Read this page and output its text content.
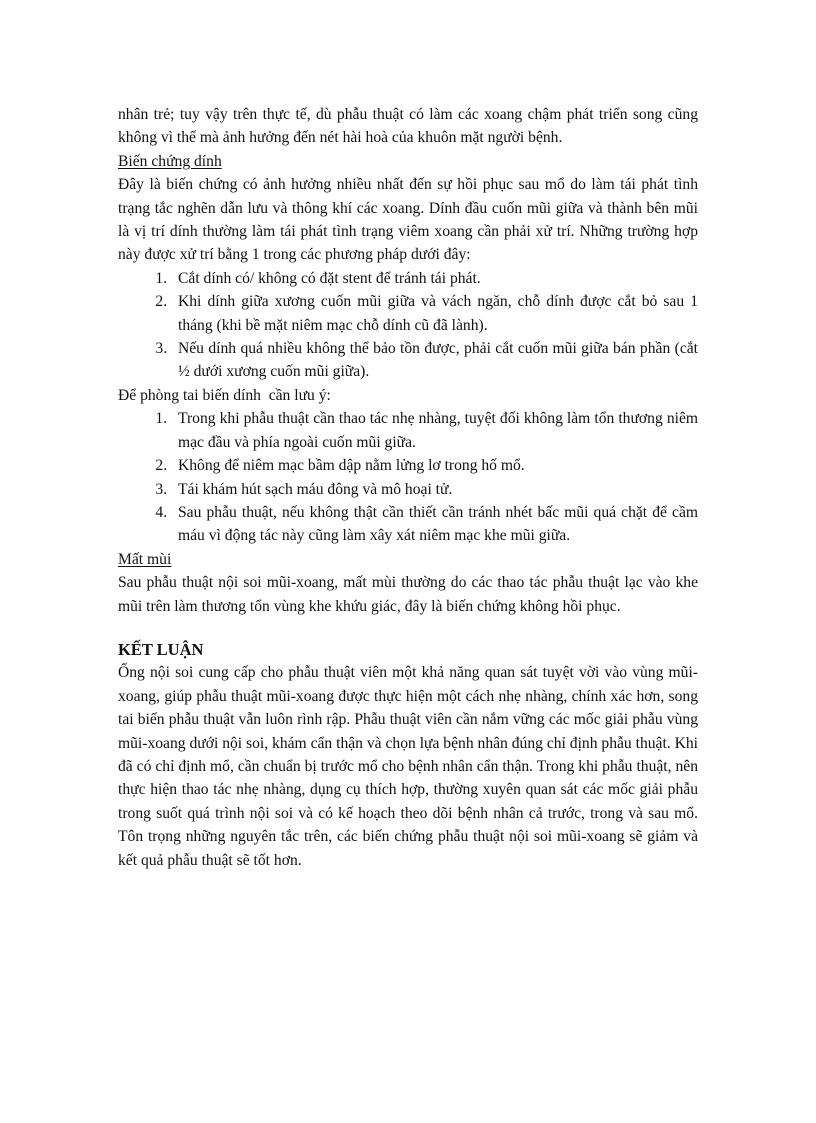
nhân trẻ; tuy vậy trên thực tế, dù phẫu thuật có làm các xoang chậm phát triển song cũng không vì thế mà ảnh hưởng đến nét hài hoà của khuôn mặt người bệnh.

Biến chứng dính

Đây là biến chứng có ảnh hưởng nhiều nhất đến sự hồi phục sau mổ do làm tái phát tình trạng tắc nghẽn dẫn lưu và thông khí các xoang. Dính đầu cuốn mũi giữa và thành bên mũi là vị trí dính thường làm tái phát tình trạng viêm xoang cần phải xử trí. Những trường hợp này được xử trí bằng 1 trong các phương pháp dưới đây:

1. Cắt dính có/ không có đặt stent để tránh tái phát.
2. Khi dính giữa xương cuốn mũi giữa và vách ngăn, chỗ dính được cắt bỏ sau 1 tháng (khi bề mặt niêm mạc chỗ dính cũ đã lành).
3. Nếu dính quá nhiều không thể bảo tồn được, phải cắt cuốn mũi giữa bán phần (cắt ½ dưới xương cuốn mũi giữa).

Để phòng tai biến dính  cần lưu ý:

1. Trong khi phẫu thuật cần thao tác nhẹ nhàng, tuyệt đối không làm tổn thương niêm mạc đầu và phía ngoài cuốn mũi giữa.
2. Không để niêm mạc bầm dập nằm lửng lơ trong hố mổ.
3. Tái khám hút sạch máu đông và mô hoại tử.
4. Sau phẫu thuật, nếu không thật cần thiết cần tránh nhét bấc mũi quá chặt để cầm máu vì động tác này cũng làm xây xát niêm mạc khe mũi giữa.

Mất mùi

Sau phẫu thuật nội soi mũi-xoang, mất mùi thường do các thao tác phẫu thuật lạc vào khe mũi trên làm thương tổn vùng khe khứu giác, đây là biến chứng không hồi phục.

KẾT LUẬN

Ống nội soi cung cấp cho phẫu thuật viên một khả năng quan sát tuyệt vời vào vùng mũi-xoang, giúp phẫu thuật mũi-xoang được thực hiện một cách nhẹ nhàng, chính xác hơn, song tai biến phẫu thuật vẫn luôn rình rập. Phẫu thuật viên cần nắm vững các mốc giải phẫu vùng mũi-xoang dưới nội soi, khám cẩn thận và chọn lựa bệnh nhân đúng chỉ định phẫu thuật. Khi đã có chỉ định mổ, cần chuẩn bị trước mổ cho bệnh nhân cẩn thận. Trong khi phẫu thuật, nên thực hiện thao tác nhẹ nhàng, dụng cụ thích hợp, thường xuyên quan sát các mốc giải phẫu trong suốt quá trình nội soi và có kế hoạch theo dõi bệnh nhân cả trước, trong và sau mổ. Tôn trọng những nguyên tắc trên, các biến chứng phẫu thuật nội soi mũi-xoang sẽ giảm và kết quả phẫu thuật sẽ tốt hơn.
